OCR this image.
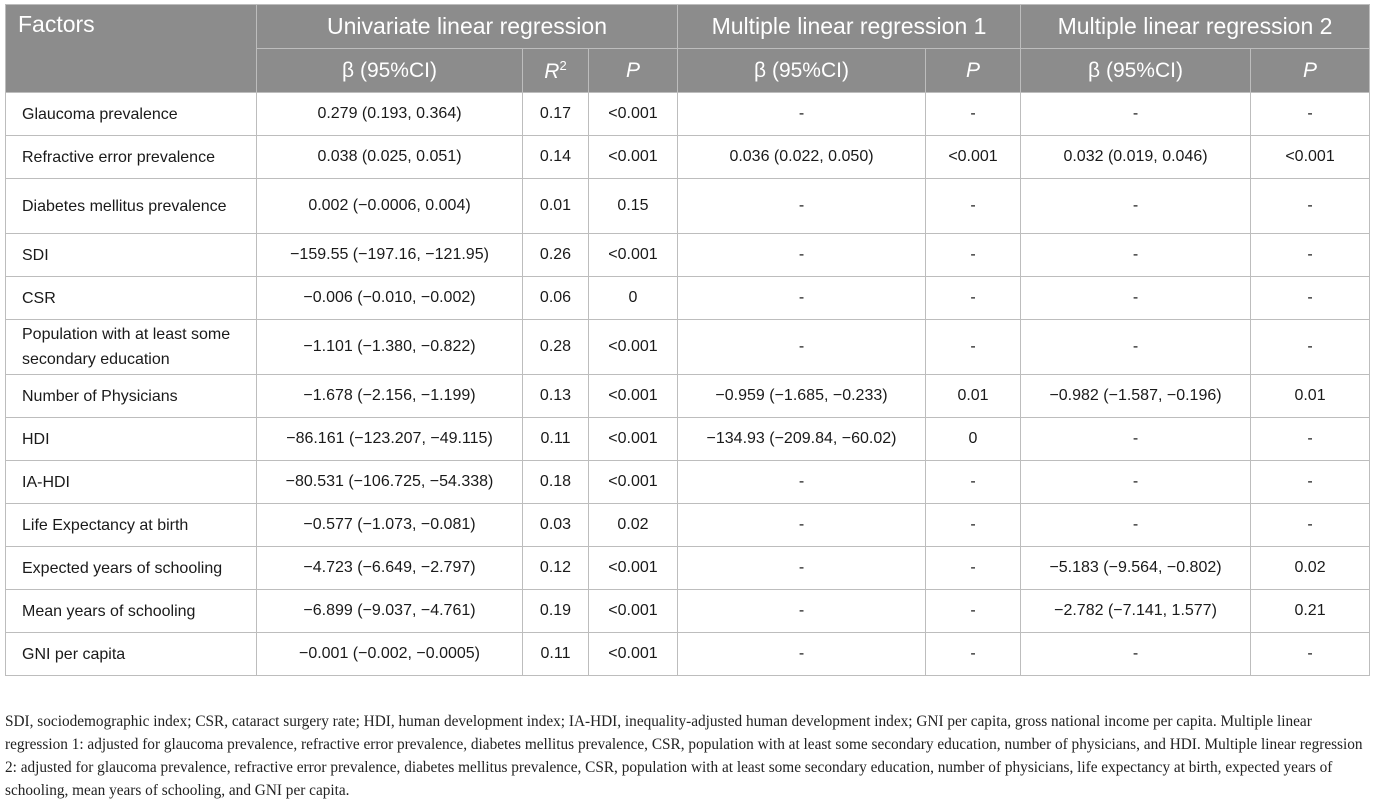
Factors	Univariate linear regression			Multiple linear regression 1		Multiple linear regression 2	
	β (95%CI)	$R^2$	P	β (95%CI)	P	β (95%CI)	P
Glaucoma prevalence	0.279 (0.193, 0.364)	0.17	<0.001	-	-	-	-
Refractive error prevalence	0.038 (0.025, 0.051)	0.14	<0.001	0.036 (0.022, 0.050)	<0.001	0.032 (0.019, 0.046)	<0.001
Diabetes mellitus prevalence	0.002 (−0.0006, 0.004)	0.01	0.15	-	-	-	-
SDI	−159.55 (−197.16, −121.95)	0.26	<0.001	-	-	-	-
CSR	−0.006 (−0.010, −0.002)	0.06	0	-	-	-	-
Population with at least some secondary education	−1.101 (−1.380, −0.822)	0.28	<0.001	-	-	-	-
Number of Physicians	−1.678 (−2.156, −1.199)	0.13	<0.001	−0.959 (−1.685, −0.233)	0.01	−0.982 (−1.587, −0.196)	0.01
HDI	−86.161 (−123.207, −49.115)	0.11	<0.001	−134.93 (−209.84, −60.02)	0	-	-
IA-HDI	−80.531 (−106.725, −54.338)	0.18	<0.001	-	-	-	-
Life Expectancy at birth	−0.577 (−1.073, −0.081)	0.03	0.02	-	-	-	-
Expected years of schooling	−4.723 (−6.649, −2.797)	0.12	<0.001	-	-	−5.183 (−9.564, −0.802)	0.02
Mean years of schooling	−6.899 (−9.037, −4.761)	0.19	<0.001	-	-	−2.782 (−7.141, 1.577)	0.21
GNI per capita	−0.001 (−0.002, −0.0005)	0.11	<0.001	-	-	-	-

SDI, sociodemographic index; CSR, cataract surgery rate; HDI, human development index; IA-HDI, inequality-adjusted human development index; GNI per capita, gross national income per capita. Multiple linear regression 1: adjusted for glaucoma prevalence, refractive error prevalence, diabetes mellitus prevalence, CSR, population with at least some secondary education, number of physicians, and HDI. Multiple linear regression 2: adjusted for glaucoma prevalence, refractive error prevalence, diabetes mellitus prevalence, CSR, population with at least some secondary education, number of physicians, life expectancy at birth, expected years of schooling, mean years of schooling, and GNI per capita.
